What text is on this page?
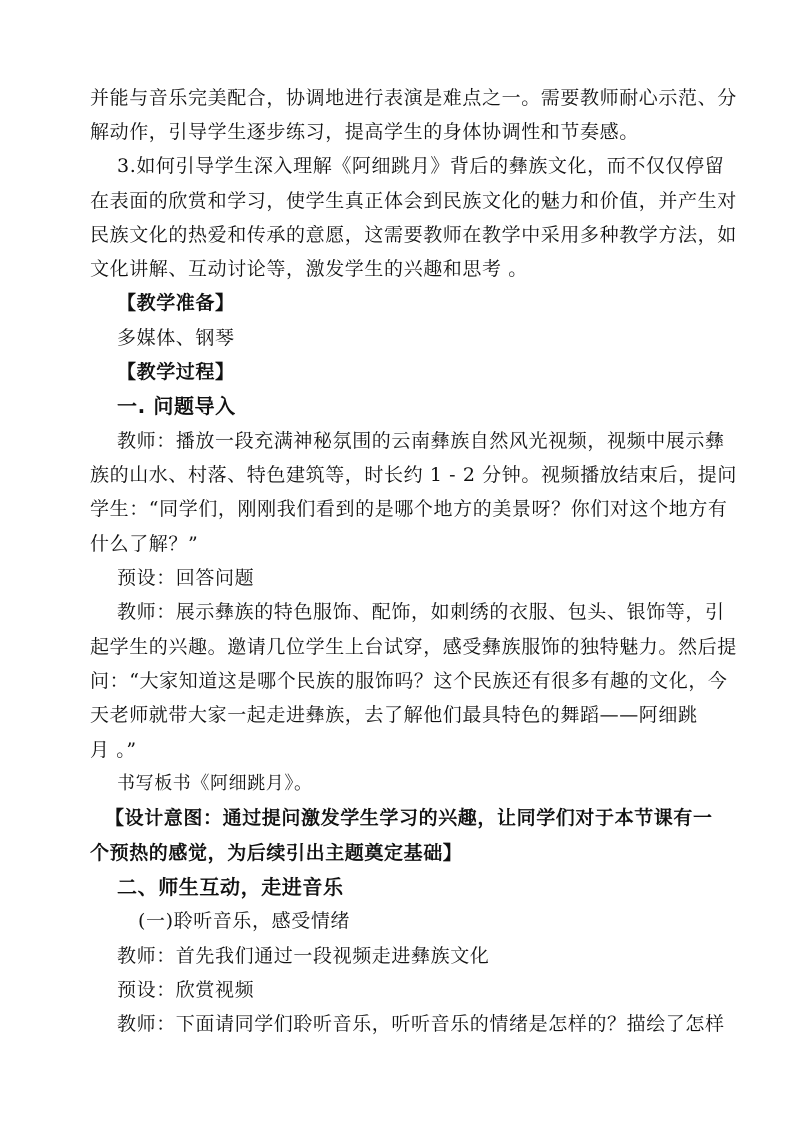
并能与音乐完美配合，协调地进行表演是难点之一。需要教师耐心示范、分
解动作，引导学生逐步练习，提高学生的身体协调性和节奏感。
3.如何引导学生深入理解《阿细跳月》背后的彝族文化，而不仅仅停留
在表面的欣赏和学习，使学生真正体会到民族文化的魅力和价值，并产生对
民族文化的热爱和传承的意愿，这需要教师在教学中采用多种教学方法，如
文化讲解、互动讨论等，激发学生的兴趣和思考 。
【教学准备】
多媒体、钢琴
【教学过程】
一. 问题导入
教师：播放一段充满神秘氛围的云南彝族自然风光视频，视频中展示彝
族的山水、村落、特色建筑等，时长约 1 - 2 分钟。视频播放结束后，提问
学生：“同学们，刚刚我们看到的是哪个地方的美景呀？你们对这个地方有
什么了解？”
预设：回答问题
教师：展示彝族的特色服饰、配饰，如刺绣的衣服、包头、银饰等，引
起学生的兴趣。邀请几位学生上台试穿，感受彝族服饰的独特魅力。然后提
问：“大家知道这是哪个民族的服饰吗？这个民族还有很多有趣的文化，今
天老师就带大家一起走进彝族，去了解他们最具特色的舞蹈——阿细跳
月 。”
书写板书《阿细跳月》。
【设计意图：通过提问激发学生学习的兴趣，让同学们对于本节课有一
个预热的感觉，为后续引出主题奠定基础】
二、师生互动，走进音乐
(一)聆听音乐，感受情绪
教师：首先我们通过一段视频走进彝族文化
预设：欣赏视频
教师：下面请同学们聆听音乐，听听音乐的情绪是怎样的？描绘了怎样
